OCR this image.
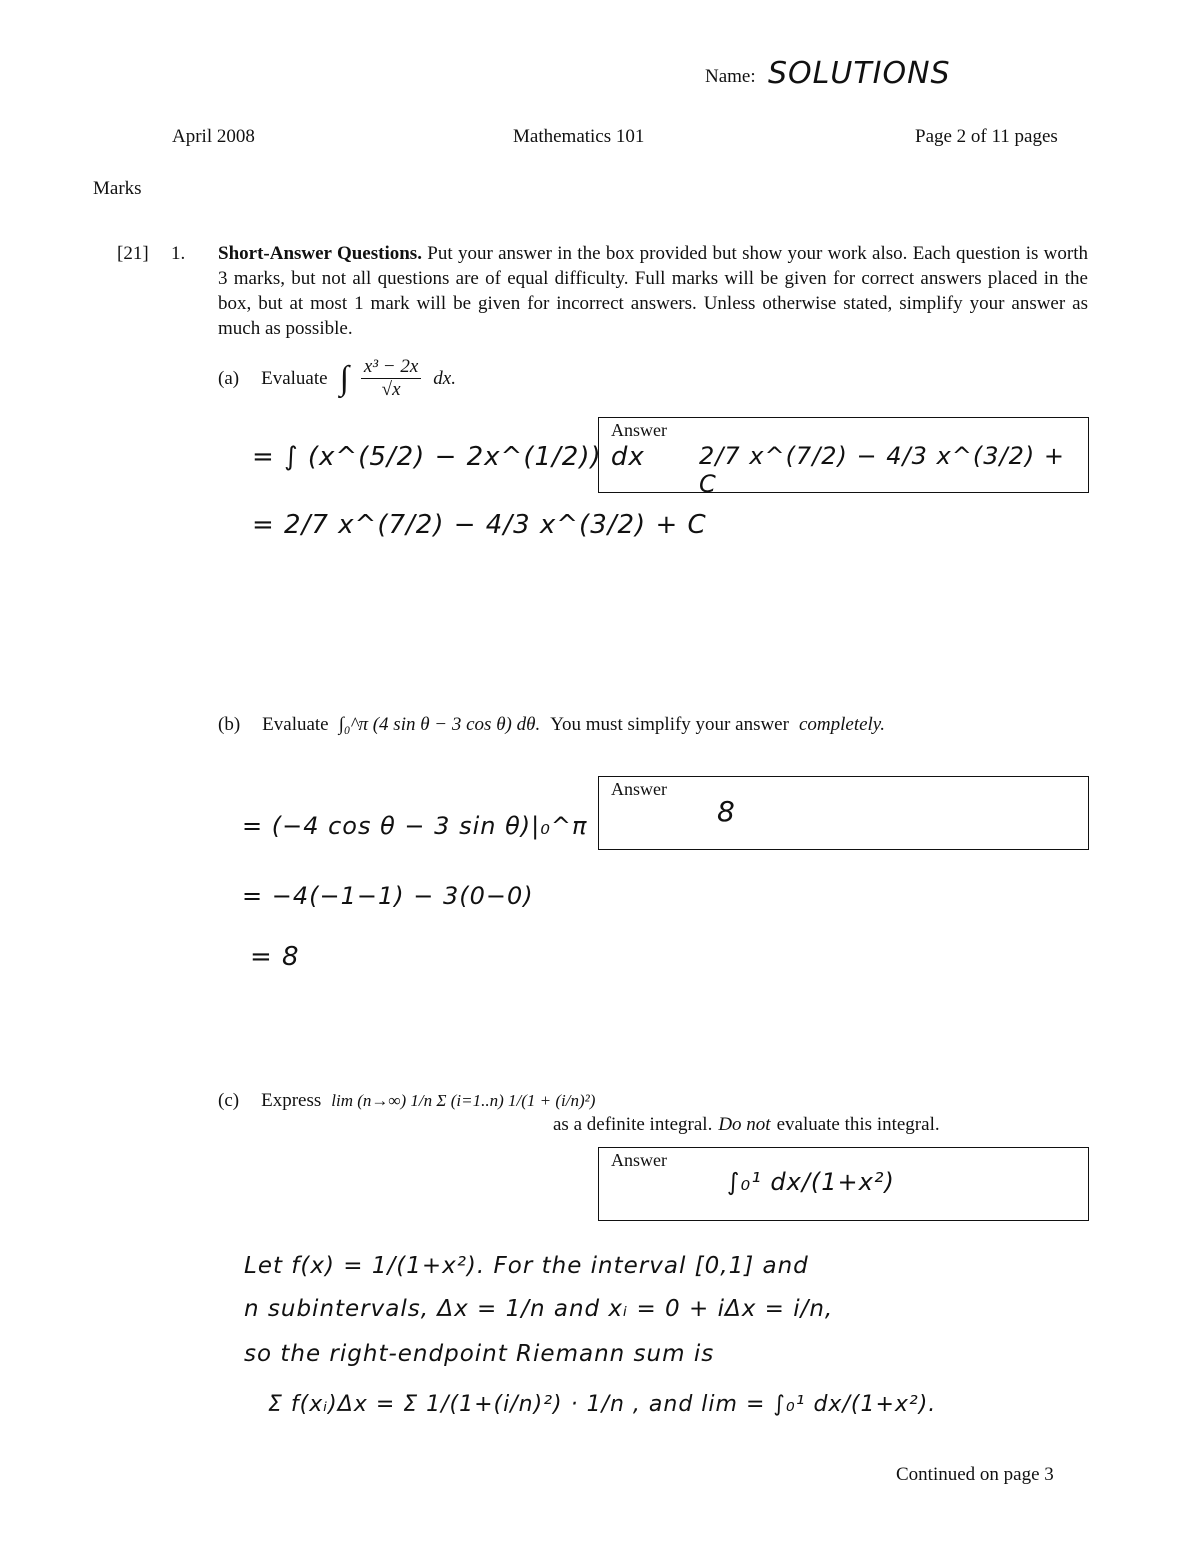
Name: SOLUTIONS
April 2008	Mathematics 101	Page 2 of 11 pages
Marks
[21] 1. Short-Answer Questions. Put your answer in the box provided but show your work also. Each question is worth 3 marks, but not all questions are of equal difficulty. Full marks will be given for correct answers placed in the box, but at most 1 mark will be given for incorrect answers. Unless otherwise stated, simplify your answer as much as possible.
(a) Evaluate ∫ $\frac{\text{x³ − 2x}}{√x}$ dx.
Answer
2/7 x^(7/2) − 4/3 x^(3/2) + C
= ∫ (x^(5/2) − 2x^(1/2)) dx
= 2/7 x^(7/2) − 4/3 x^(3/2) + C
(b) Evaluate ∫₀^π (4 sin θ − 3 cos θ) dθ. You must simplify your answer completely.
Answer
8
= (−4 cos θ − 3 sin θ)|₀^π
= −4(−1−1) − 3(0−0)
= 8
(c) Express lim (n→∞) 1/n Σ (i=1..n) 1/(1 + (i/n)²)
as a definite integral. Do not evaluate this integral.
Answer
∫₀¹ dx/(1+x²)
Let f(x) = 1/(1+x²). For the interval [0,1] and
n subintervals, Δx = 1/n and xᵢ = 0 + iΔx = i/n,
so the right-endpoint Riemann sum is
Σ f(xᵢ)Δx = Σ 1/(1+(i/n)²) · 1/n , and lim = ∫₀¹ dx/(1+x²).
Continued on page 3
